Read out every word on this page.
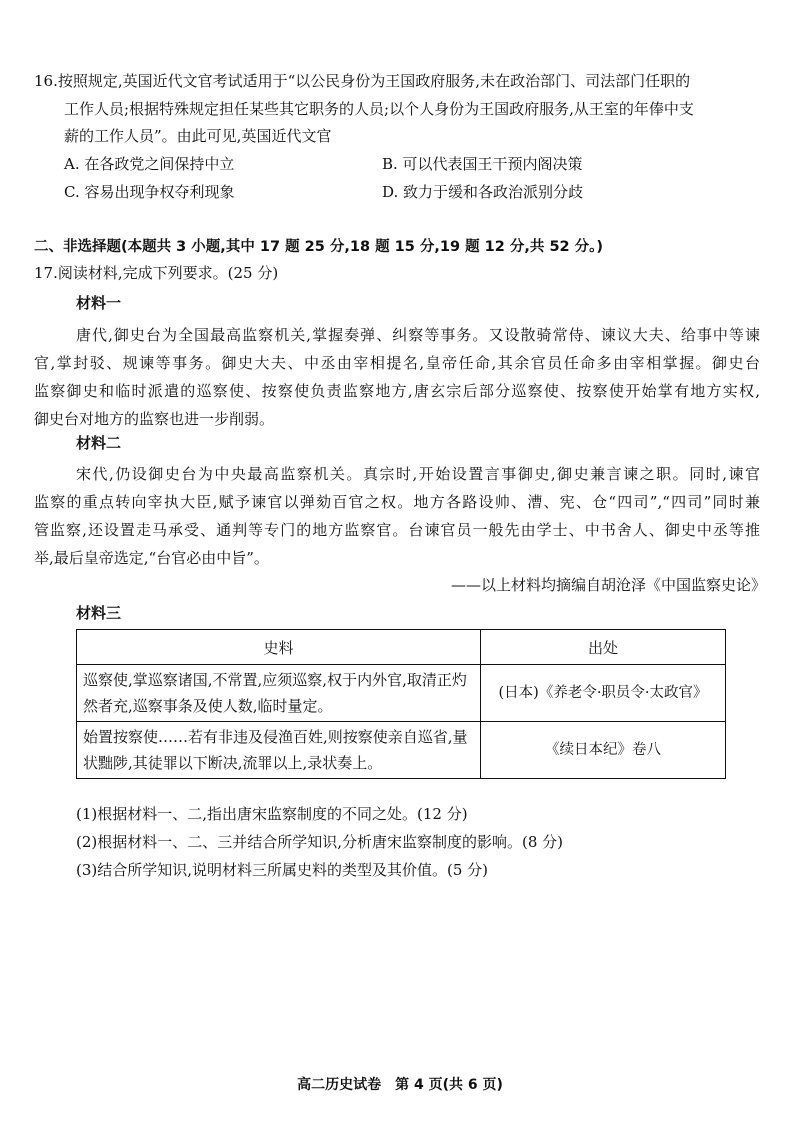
16.按照规定,英国近代文官考试适用于“以公民身份为王国政府服务,未在政治部门、司法部门任职的
工作人员;根据特殊规定担任某些其它职务的人员;以个人身份为王国政府服务,从王室的年俸中支
薪的工作人员”。由此可见,英国近代文官
A. 在各政党之间保持中立	B. 可以代表国王干预内阁决策
C. 容易出现争权夺利现象	D. 致力于缓和各政治派别分歧
二、非选择题(本题共 3 小题,其中 17 题 25 分,18 题 15 分,19 题 12 分,共 52 分。)
17.阅读材料,完成下列要求。(25 分)
材料一
唐代,御史台为全国最高监察机关,掌握奏弹、纠察等事务。又设散骑常侍、谏议大夫、给事中等谏
官,掌封驳、规谏等事务。御史大夫、中丞由宰相提名,皇帝任命,其余官员任命多由宰相掌握。御史台
监察御史和临时派遣的巡察使、按察使负责监察地方,唐玄宗后部分巡察使、按察使开始掌有地方实权,
御史台对地方的监察也进一步削弱。
材料二
宋代,仍设御史台为中央最高监察机关。真宗时,开始设置言事御史,御史兼言谏之职。同时,谏官
监察的重点转向宰执大臣,赋予谏官以弹劾百官之权。地方各路设帅、漕、宪、仓“四司”,“四司”同时兼
管监察,还设置走马承受、通判等专门的地方监察官。台谏官员一般先由学士、中书舍人、御史中丞等推
举,最后皇帝选定,“台官必由中旨”。
——以上材料均摘编自胡沧泽《中国监察史论》
材料三
史料	出处
巡察使,掌巡察诸国,不常置,应须巡察,权于内外官,取清正灼然者充,巡察事条及使人数,临时量定。	(日本)《养老令·职员令·太政官》
始置按察使……若有非违及侵渔百姓,则按察使亲自巡省,量状黜陟,其徒罪以下断决,流罪以上,录状奏上。	《续日本纪》卷八
(1)根据材料一、二,指出唐宋监察制度的不同之处。(12 分)
(2)根据材料一、二、三并结合所学知识,分析唐宋监察制度的影响。(8 分)
(3)结合所学知识,说明材料三所属史料的类型及其价值。(5 分)
高二历史试卷　第 4 页(共 6 页)
